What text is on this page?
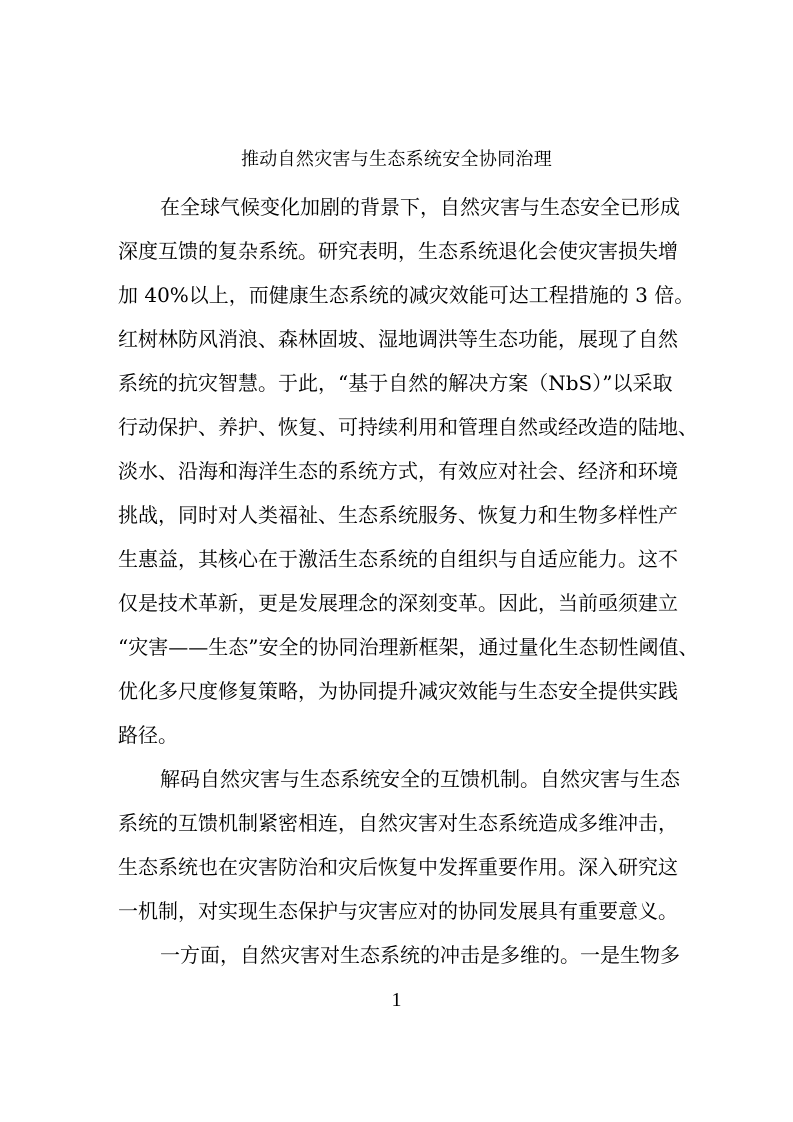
推动自然灾害与生态系统安全协同治理
在全球气候变化加剧的背景下，自然灾害与生态安全已形成
深度互馈的复杂系统。研究表明，生态系统退化会使灾害损失增
加 40%以上，而健康生态系统的减灾效能可达工程措施的 3 倍。
红树林防风消浪、森林固坡、湿地调洪等生态功能，展现了自然
系统的抗灾智慧。于此，“基于自然的解决方案（NbS）”以采取
行动保护、养护、恢复、可持续利用和管理自然或经改造的陆地、
淡水、沿海和海洋生态的系统方式，有效应对社会、经济和环境
挑战，同时对人类福祉、生态系统服务、恢复力和生物多样性产
生惠益，其核心在于激活生态系统的自组织与自适应能力。这不
仅是技术革新，更是发展理念的深刻变革。因此，当前亟须建立
“灾害——生态”安全的协同治理新框架，通过量化生态韧性阈值、
优化多尺度修复策略，为协同提升减灾效能与生态安全提供实践
路径。
解码自然灾害与生态系统安全的互馈机制。自然灾害与生态
系统的互馈机制紧密相连，自然灾害对生态系统造成多维冲击，
生态系统也在灾害防治和灾后恢复中发挥重要作用。深入研究这
一机制，对实现生态保护与灾害应对的协同发展具有重要意义。
一方面，自然灾害对生态系统的冲击是多维的。一是生物多
1
